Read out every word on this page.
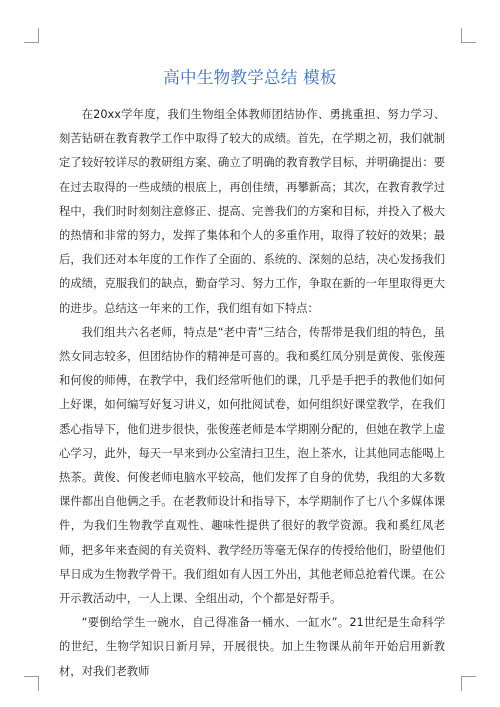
高中生物教学总结 模板

在20xx学年度，我们生物组全体教师团结协作、勇挑重担、努力学习、刻苦钻研在教育教学工作中取得了较大的成绩。首先，在学期之初，我们就制定了较好较详尽的教研组方案、确立了明确的教育教学目标，并明确提出：要在过去取得的一些成绩的根底上，再创佳绩，再攀新高；其次，在教育教学过程中，我们时时刻刻注意修正、提高、完善我们的方案和目标，并投入了极大的热情和非常的努力，发挥了集体和个人的多重作用，取得了较好的效果；最后，我们还对本年度的工作作了全面的、系统的、深刻的总结，决心发扬我们的成绩，克服我们的缺点，勤奋学习、努力工作，争取在新的一年里取得更大的进步。总结这一年来的工作，我们组有如下特点：

我们组共六名老师，特点是“老中青”三结合，传帮带是我们组的特色，虽然女同志较多，但团结协作的精神是可喜的。我和奚红凤分别是黄俊、张俊莲和何俊的师傅，在教学中，我们经常听他们的课，几乎是手把手的教他们如何上好课，如何编写好复习讲义，如何批阅试卷，如何组织好课堂教学，在我们悉心指导下，他们进步很快，张俊莲老师是本学期刚分配的，但她在教学上虚心学习，此外，每天一早来到办公室清扫卫生，泡上茶水，让其他同志能喝上热茶。黄俊、何俊老师电脑水平较高，他们发挥了自身的优势，我组的大多数课件都出自他俩之手。在老教师设计和指导下，本学期制作了七八个多媒体课件，为我们生物教学直观性、趣味性提供了很好的教学资源。我和奚红凤老师，把多年来查阅的有关资料、教学经历等毫无保存的传授给他们，盼望他们早日成为生物教学骨干。我们组如有人因工外出，其他老师总抢着代课。在公开示教活动中，一人上课、全组出动，个个都是好帮手。

“要倒给学生一碗水，自己得准备一桶水、一缸水”。21世纪是生命科学的世纪，生物学知识日新月异，开展很快。加上生物课从前年开始启用新教材，对我们老教师
